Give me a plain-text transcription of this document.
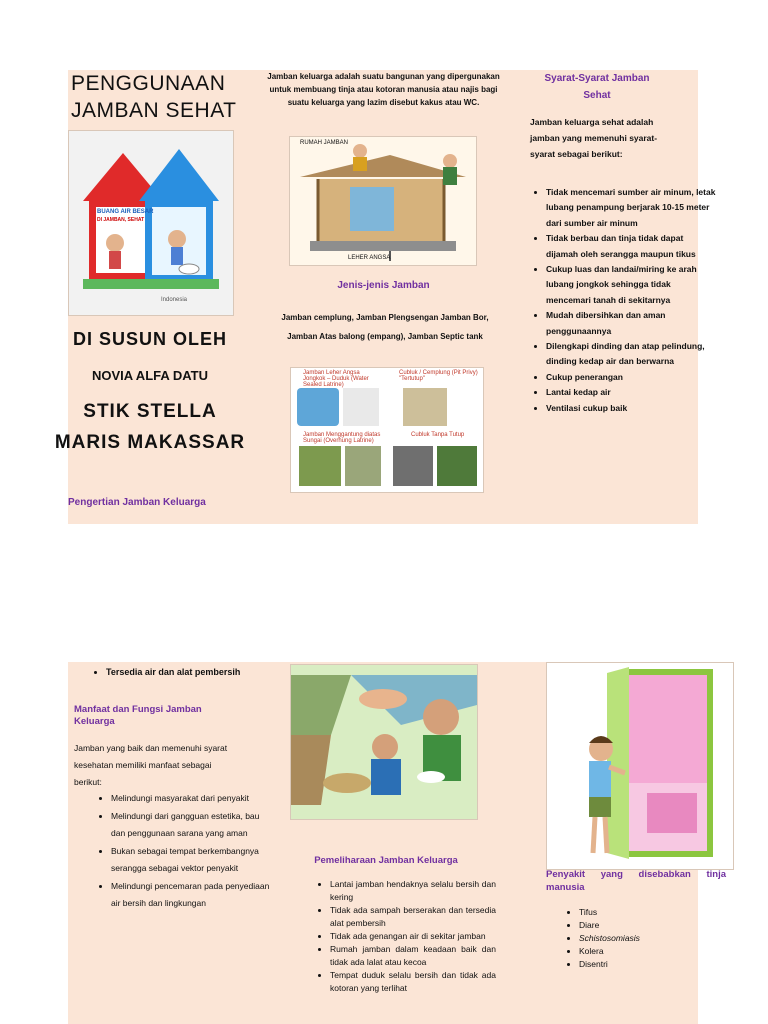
PENGGUNAAN
JAMBAN SEHAT
BUANG AIR BESAR
DI JAMBAN, SEHAT
Indonesia
DI SUSUN OLEH
NOVIA ALFA DATU
STIK STELLA
MARIS MAKASSAR
Pengertian Jamban Keluarga
Jamban keluarga adalah suatu bangunan yang dipergunakan untuk membuang tinja atau kotoran manusia atau najis bagi suatu keluarga yang lazim disebut kakus atau WC.
RUMAH JAMBAN
LEHER ANGSA
Jenis-jenis Jamban
Jamban cemplung, Jamban Plengsengan Jamban Bor, Jamban Atas balong (empang), Jamban Septic tank
Jamban Leher Angsa Jongkok – Duduk (Water Sealed Latrine)
Cubluk / Cemplung (Pit Privy) "Tertutup"
Jamban Menggantung diatas Sungai (Overhung Latrine)
Cubluk Tanpa Tutup
Syarat-Syarat Jamban Sehat
Jamban keluarga sehat adalah jamban yang memenuhi syarat-syarat sebagai berikut:
• Tidak mencemari sumber air minum, letak lubang penampung berjarak 10-15 meter dari sumber air minum
• Tidak berbau dan tinja tidak dapat dijamah oleh serangga maupun tikus
• Cukup luas dan landai/miring ke arah lubang jongkok sehingga tidak mencemari tanah di sekitarnya
• Mudah dibersihkan dan aman penggunaannya
• Dilengkapi dinding dan atap pelindung, dinding kedap air dan berwarna
• Cukup penerangan
• Lantai kedap air
• Ventilasi cukup baik
• Tersedia air dan alat pembersih
Manfaat dan Fungsi Jamban Keluarga
Jamban yang baik dan memenuhi syarat kesehatan memiliki manfaat sebagai berikut:
• Melindungi masyarakat dari penyakit
• Melindungi dari gangguan estetika, bau dan penggunaan sarana yang aman
• Bukan sebagai tempat berkembangnya serangga sebagai vektor penyakit
• Melindungi pencemaran pada penyediaan air bersih dan lingkungan
Pemeliharaan Jamban Keluarga
• Lantai jamban hendaknya selalu bersih dan kering
• Tidak ada sampah berserakan dan tersedia alat pembersih
• Tidak ada genangan air di sekitar jamban
• Rumah jamban dalam keadaan baik dan tidak ada lalat atau kecoa
• Tempat duduk selalu bersih dan tidak ada kotoran yang terlihat
Penyakit yang disebabkan tinja manusia
• Tifus
• Diare
• Schistosomiasis
• Kolera
• Disentri
